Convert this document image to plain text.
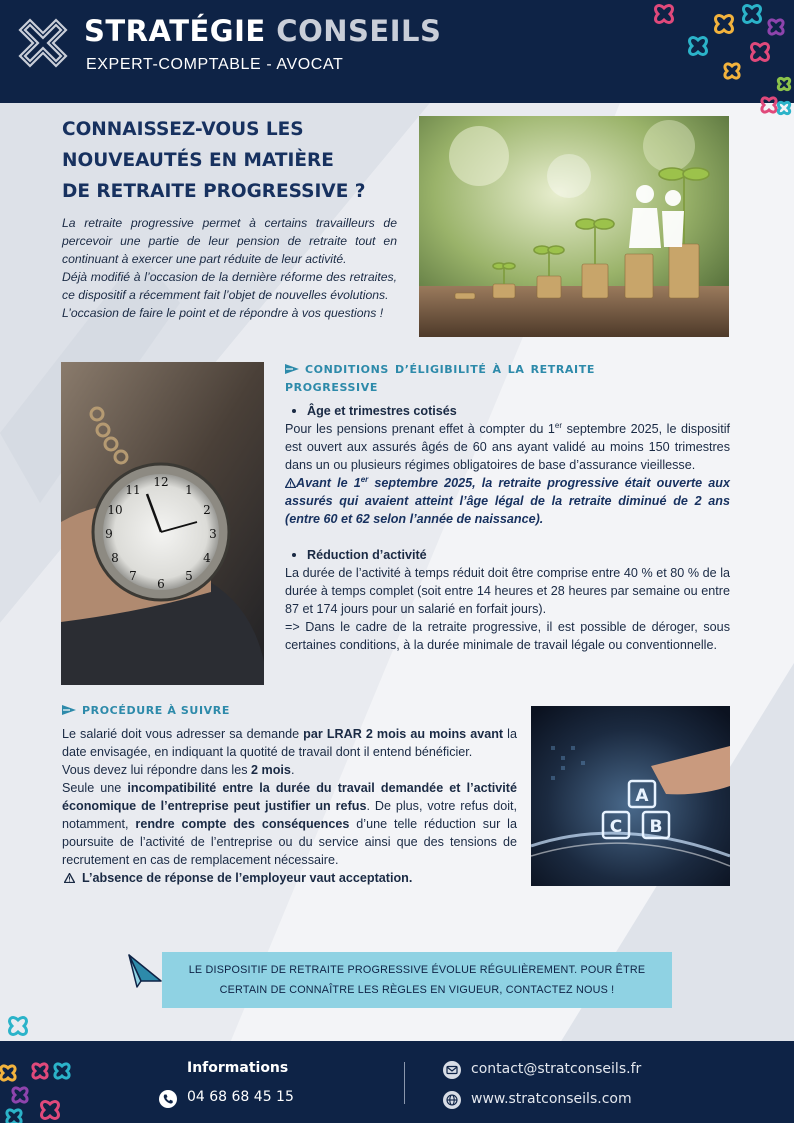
STRATÉGIE CONSEILS
EXPERT-COMPTABLE - AVOCAT
CONNAISSEZ-VOUS LES
NOUVEAUTÉS EN MATIÈRE
DE RETRAITE PROGRESSIVE ?

La retraite progressive permet à certains travailleurs de percevoir une partie de leur pension de retraite tout en continuant à exercer une part réduite de leur activité.

Déjà modifié à l’occasion de la dernière réforme des retraites, ce dispositif a récemment fait l’objet de nouvelles évolutions.

L’occasion de faire le point et de répondre à vos questions !

12
1
2
3
4
5
6
7
8
9
10
11
CONDITIONS D’ÉLIGIBILITÉ À LA RETRAITE
PROGRESSIVE

Âge et trimestres cotisés

Pour les pensions prenant effet à compter du 1er septembre 2025, le dispositif est ouvert aux assurés âgés de 60 ans ayant validé au moins 150 trimestres dans un ou plusieurs régimes obligatoires de base d’assurance vieillesse.

Avant le 1er septembre 2025, la retraite progressive était ouverte aux assurés qui avaient atteint l’âge légal de la retraite diminué de 2 ans (entre 60 et 62 selon l’année de naissance).

Réduction d’activité

La durée de l’activité à temps réduit doit être comprise entre 40 % et 80 % de la durée à temps complet (soit entre 14 heures et 28 heures par semaine ou entre 87 et 174 jours pour un salarié en forfait jours).

=> Dans le cadre de la retraite progressive, il est possible de déroger, sous certaines conditions, à la durée minimale de travail légale ou conventionnelle.

PROCÉDURE À SUIVRE

Le salarié doit vous adresser sa demande par LRAR 2 mois au moins avant la date envisagée, en indiquant la quotité de travail dont il entend bénéficier.

Vous devez lui répondre dans les 2 mois.

Seule une incompatibilité entre la durée du travail demandée et l’activité économique de l’entreprise peut justifier un refus. De plus, votre refus doit, notamment, rendre compte des conséquences d’une telle réduction sur la poursuite de l’activité de l’entreprise ou du service ainsi que des tensions de recrutement en cas de remplacement nécessaire.

L’absence de réponse de l’employeur vaut acceptation.

A
C B

LE DISPOSITIF DE RETRAITE PROGRESSIVE ÉVOLUE RÉGULIÈREMENT. POUR ÊTRE
CERTAIN DE CONNAÎTRE LES RÈGLES EN VIGUEUR, CONTACTEZ NOUS !

Informations
04 68 68 45 15
contact@stratconseils.fr
www.stratconseils.com
